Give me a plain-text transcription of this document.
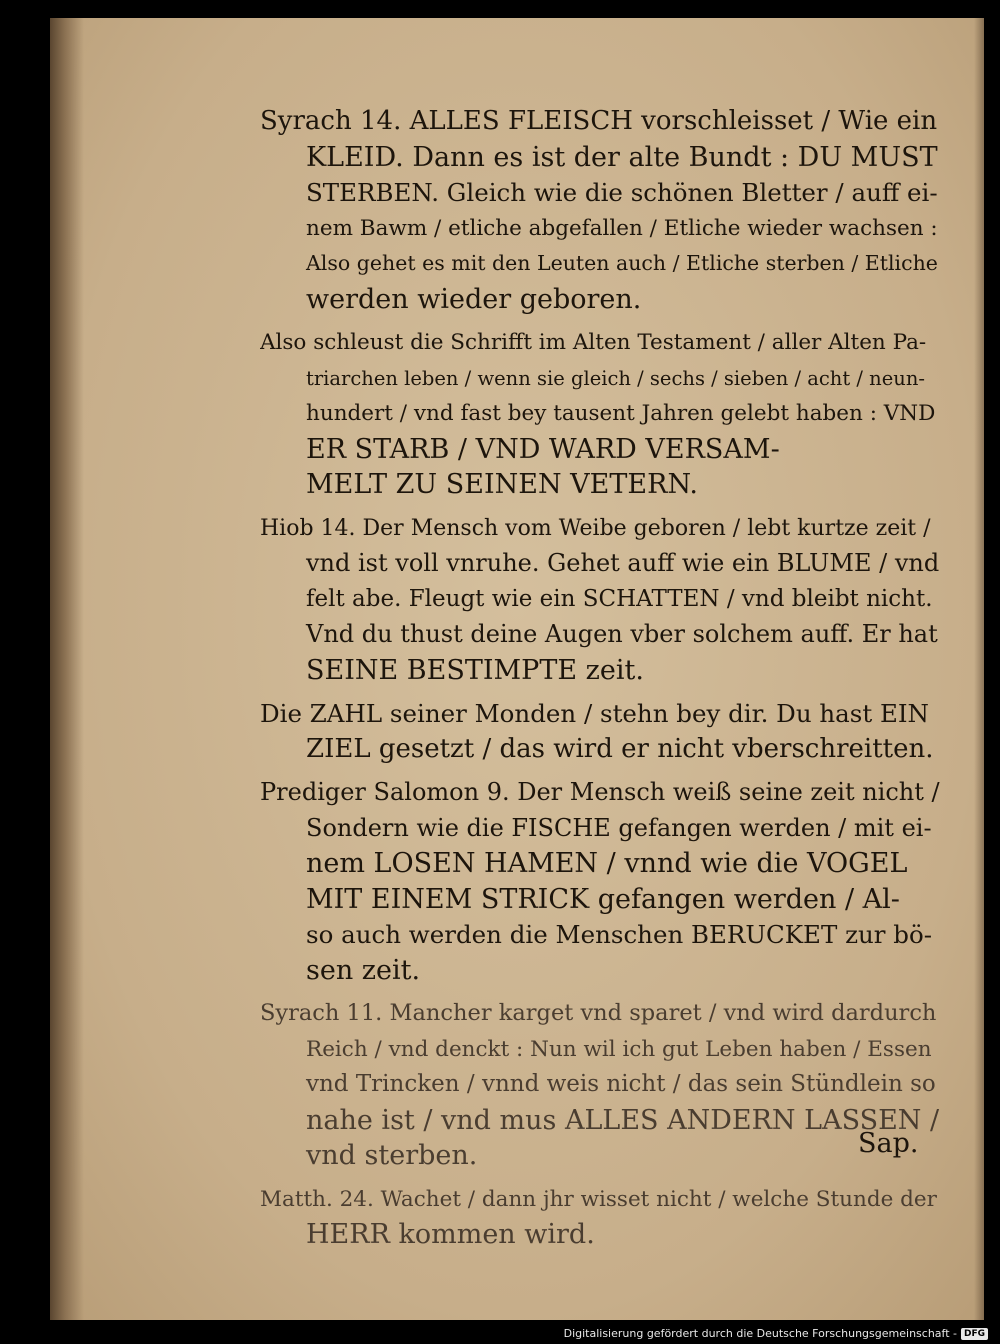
Syrach 14. ALLES FLEISCH vorschleisset / Wie ein
KLEID. Dann es ist der alte Bundt : DU MUST
STERBEN. Gleich wie die schönen Bletter / auff ei-
nem Bawm / etliche abgefallen / Etliche wieder wachsen :
Also gehet es mit den Leuten auch / Etliche sterben / Etliche
werden wieder geboren.

Also schleust die Schrifft im Alten Testament / aller Alten Pa-
triarchen leben / wenn sie gleich / sechs / sieben / acht / neun-
hundert / vnd fast bey tausent Jahren gelebt haben : VND
ER STARB / VND WARD VERSAM-
MELT ZU SEINEN VETERN.

Hiob 14. Der Mensch vom Weibe geboren / lebt kurtze zeit /
vnd ist voll vnruhe. Gehet auff wie ein BLUME / vnd
felt abe. Fleugt wie ein SCHATTEN / vnd bleibt nicht.
Vnd du thust deine Augen vber solchem auff. Er hat
SEINE BESTIMPTE zeit.

Die ZAHL seiner Monden / stehn bey dir. Du hast EIN
ZIEL gesetzt / das wird er nicht vberschreitten.

Prediger Salomon 9. Der Mensch weiß seine zeit nicht /
Sondern wie die FISCHE gefangen werden / mit ei-
nem LOSEN HAMEN / vnnd wie die VOGEL
MIT EINEM STRICK gefangen werden / Al-
so auch werden die Menschen BERUCKET zur bö-
sen zeit.

Syrach 11. Mancher karget vnd sparet / vnd wird dardurch
Reich / vnd denckt : Nun wil ich gut Leben haben / Essen
vnd Trincken / vnnd weis nicht / das sein Stündlein so
nahe ist / vnd mus ALLES ANDERN LASSEN /
vnd sterben.

Matth. 24. Wachet / dann jhr wisset nicht / welche Stunde der
HERR kommen wird.

Sap.
Digitalisierung gefördert durch die Deutsche Forschungsgemeinschaft - DFG
